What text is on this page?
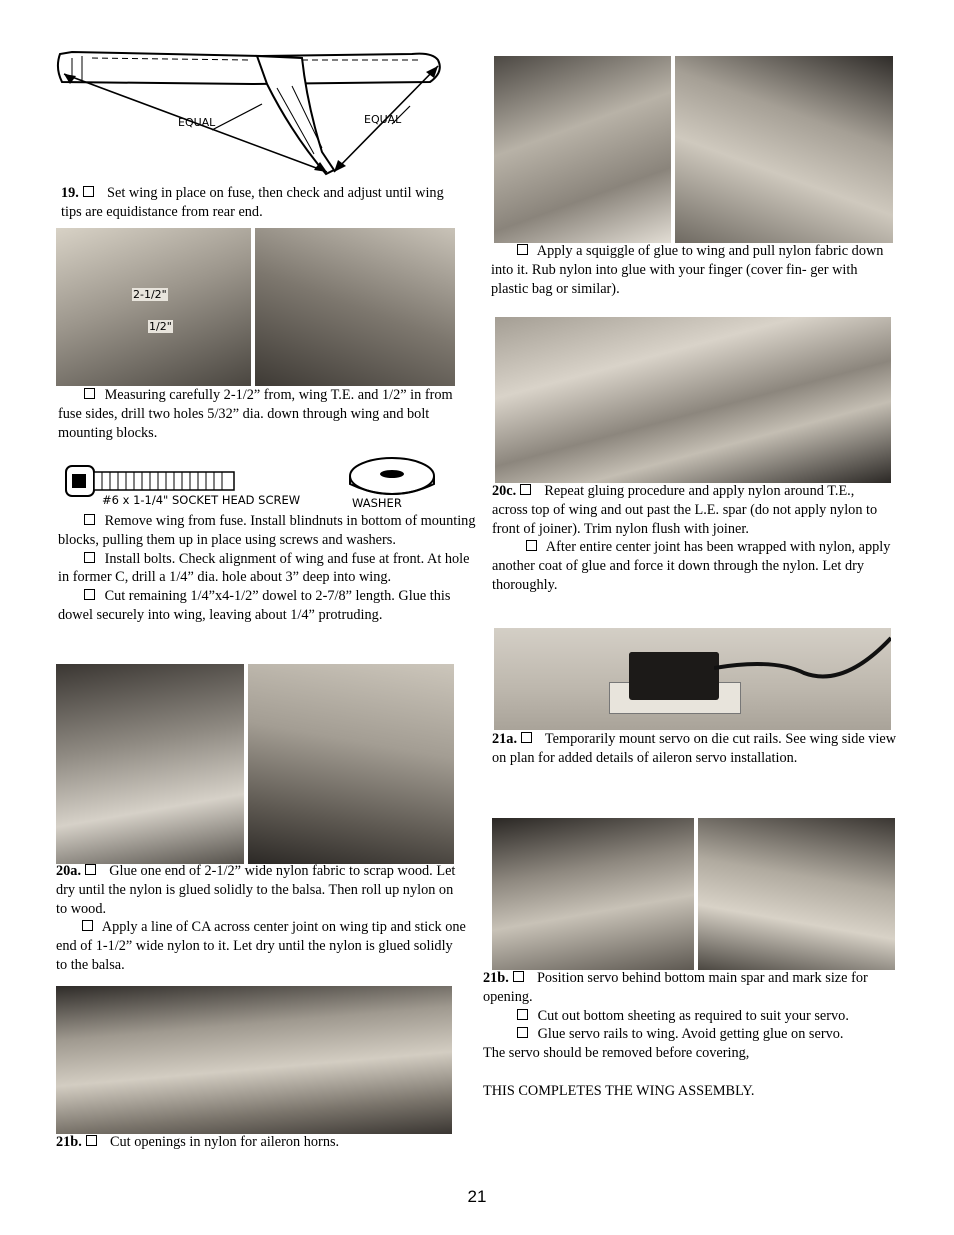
EQUAL	EQUAL
19. Set wing in place on fuse, then check and adjust until wing tips are equidistance from rear end.
2-1/2"
1/2"

Measuring carefully 2-1/2” from, wing T.E. and 1/2” in from fuse sides, drill two holes 5/32” dia. down through wing and bolt mounting blocks.

#6 x 1-1/4" SOCKET HEAD SCREW	WASHER

Remove wing from fuse. Install blindnuts in bottom of mounting blocks, pulling them up in place using screws and washers.

Install bolts. Check alignment of wing and fuse at front. At hole in former C, drill a 1/4” dia. hole about 3” deep into wing.

Cut remaining 1/4”x4-1/2” dowel to 2-7/8” length. Glue this dowel securely into wing, leaving about 1/4” protruding.

20a. Glue one end of 2-1/2” wide nylon fabric to scrap wood. Let dry until the nylon is glued solidly to the balsa. Then roll up nylon on to wood.

Apply a line of CA across center joint on wing tip and stick one end of 1-1/2” wide nylon to it. Let dry until the nylon is glued solidly to the balsa.

21b. Cut openings in nylon for aileron horns.

Apply a squiggle of glue to wing and pull nylon fabric down into it. Rub nylon into glue with your finger (cover fin- ger with plastic bag or similar).

20c. Repeat gluing procedure and apply nylon around T.E., across top of wing and out past the L.E. spar (do not apply nylon to front of joiner). Trim nylon flush with joiner.

After entire center joint has been wrapped with nylon, apply another coat of glue and force it down through the nylon. Let dry thoroughly.

21a. Temporarily mount servo on die cut rails. See wing side view on plan for added details of aileron servo installation.

21b. Position servo behind bottom main spar and mark size for opening.

Cut out bottom sheeting as required to suit your servo.

Glue servo rails to wing. Avoid getting glue on servo.

The servo should be removed before covering,

THIS COMPLETES THE WING ASSEMBLY.

21
